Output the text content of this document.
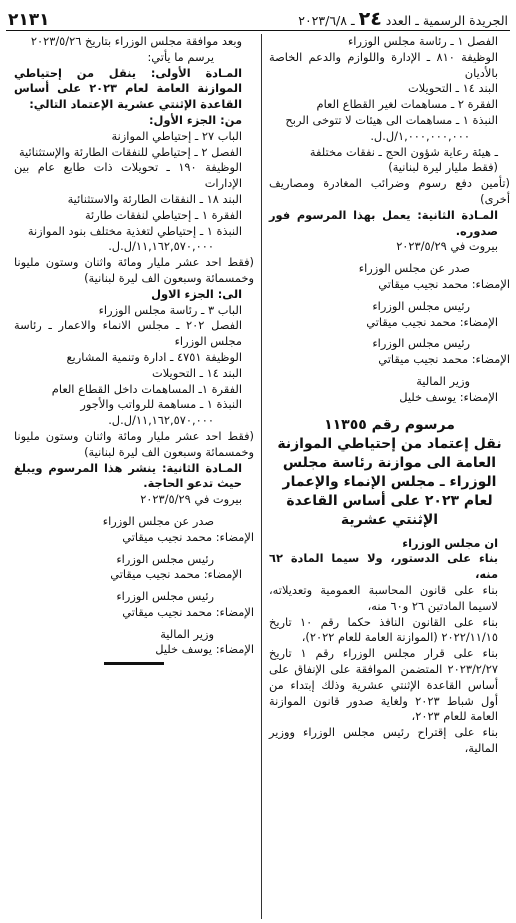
٢١٣١	الجريدة الرسمية ـ العدد ٢٤ ـ ٢٠٢٣/٦/٨
الفصل ١ ـ رئاسة مجلس الوزراء
الوظيفة ٨١٠ ـ الإدارة واللوازم والدعم الخاصة بالأديان
البند ١٤ ـ التحويلات
الفقرة ٢ ـ مساهمات لغير القطاع العام
النبذة ١ ـ مساهمات الى هيئات لا تتوخى الربح
١,٠٠٠,٠٠٠,٠٠٠/ل.ل.
ـ هيئة رعاية شؤون الحج ـ نفقات مختلفة
(فقط مليار ليرة لبنانية)
(تأمين دفع رسوم وضرائب المغادرة ومصاريف أخرى)
المـادة الثانية: يعمل بهذا المرسوم فور صدوره.
بيروت في ٢٠٢٣/٥/٢٩
صدر عن مجلس الوزراء
الإمضاء: محمد نجيب ميقاتي
رئيس مجلس الوزراء
الإمضاء: محمد نجيب ميقاتي
رئيس مجلس الوزراء
الإمضاء: محمد نجيب ميقاتي
وزير المالية
الإمضاء: يوسف خليل
مرسوم رقم ١١٣٥٥
نقل إعتماد من إحتياطي الموازنة العامة الى موازنة رئاسة مجلس الوزراء ـ مجلس الإنماء والإعمار لعام ٢٠٢٣ على أساس القاعدة الإثنتي عشرية
ان مجلس الوزراء
بناء على الدستور، ولا سيما المادة ٦٢ منه،
بناء على قانون المحاسبة العمومية وتعديلاته، لاسيما المادتين ٢٦ و٦٠ منه،
بناء على القانون النافذ حكما رقم ١٠ تاريخ ٢٠٢٢/١١/١٥ (الموازنة العامة للعام ٢٠٢٢)،
بناء على قرار مجلس الوزراء رقم ١ تاريخ ٢٠٢٣/٢/٢٧ المتضمن الموافقة على الإنفاق على أساس القاعدة الإثنتي عشرية وذلك إبتداء من أول شباط ٢٠٢٣ ولغاية صدور قانون الموازنة العامة للعام ٢٠٢٣،
بناء على إقتراح رئيس مجلس الوزراء ووزير المالية،
وبعد موافقة مجلس الوزراء بتاريخ ٢٠٢٣/٥/٢٦
يرسم ما يأتي:
المـادة الأولى: ينقل من إحتياطي الموازنة العامة لعام ٢٠٢٣ على أساس القاعدة الإثنتي عشرية الإعتماد التالي:
من: الجزء الأول:
الباب ٢٧ ـ إحتياطي الموازنة
الفصل ٢ ـ إحتياطي للنفقات الطارئة والإستثنائية
الوظيفة ١٩٠ ـ تحويلات ذات طابع عام بين الإدارات
البند ١٨ ـ النفقات الطارئة والاستثنائية
الفقرة ١ ـ إحتياطي لنفقات طارئة
النبذة ١ ـ إحتياطي لتغذية مختلف بنود الموازنة
١١,١٦٢,٥٧٠,٠٠٠/ل.ل.
(فقط احد عشر مليار ومائة واثنان وستون مليونا وخمسمائة وسبعون الف ليرة لبنانية)
الى: الجزء الاول
الباب ٣ ـ رئاسة مجلس الوزراء
الفصل ٢٠٢ ـ مجلس الانماء والاعمار ـ رئاسة مجلس الوزراء
الوظيفة ٤٧٥١ ـ ادارة وتنمية المشاريع
البند ١٤ ـ التحويلات
الفقرة ١ـ المساهمات داخل القطاع العام
النبذة ١ ـ مساهمة للرواتب والأجور
١١,١٦٢,٥٧٠,٠٠٠/ل.ل.
(فقط احد عشر مليار ومائة واثنان وستون مليونا وخمسمائة وسبعون الف ليرة لبنانية)
المـادة الثانية: ينشر هذا المرسوم ويبلغ حيث تدعو الحاجة.
بيروت في ٢٠٢٣/٥/٢٩
صدر عن مجلس الوزراء
الإمضاء: محمد نجيب ميقاتي
رئيس مجلس الوزراء
الإمضاء: محمد نجيب ميقاتي
رئيس مجلس الوزراء
الإمضاء: محمد نجيب ميقاتي
وزير المالية
الإمضاء: يوسف خليل
